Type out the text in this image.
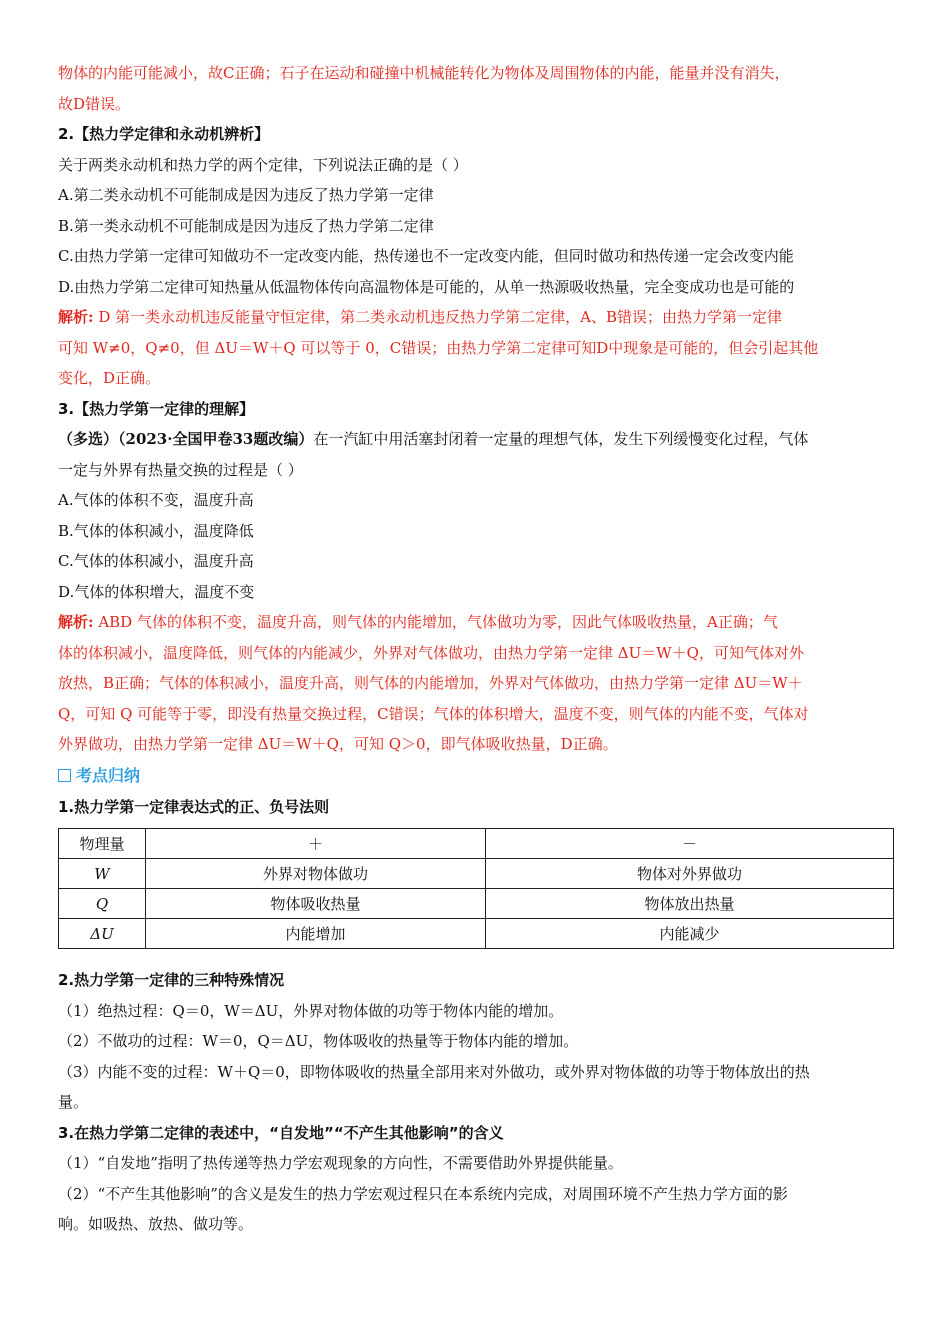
物体的内能可能减小，故C正确；石子在运动和碰撞中机械能转化为物体及周围物体的内能，能量并没有消失，

故D错误。

2.【热力学定律和永动机辨析】

关于两类永动机和热力学的两个定律，下列说法正确的是（ ）

A.第二类永动机不可能制成是因为违反了热力学第一定律

B.第一类永动机不可能制成是因为违反了热力学第二定律

C.由热力学第一定律可知做功不一定改变内能，热传递也不一定改变内能，但同时做功和热传递一定会改变内能

D.由热力学第二定律可知热量从低温物体传向高温物体是可能的，从单一热源吸收热量，完全变成功也是可能的

解析: D 第一类永动机违反能量守恒定律，第二类永动机违反热力学第二定律，A、B错误；由热力学第一定律

可知 W≠0，Q≠0，但 ΔU＝W＋Q 可以等于 0，C错误；由热力学第二定律可知D中现象是可能的，但会引起其他

变化，D正确。

3.【热力学第一定律的理解】

（多选）（2023·全国甲卷33题改编）在一汽缸中用活塞封闭着一定量的理想气体，发生下列缓慢变化过程，气体

一定与外界有热量交换的过程是（ ）

A.气体的体积不变，温度升高

B.气体的体积减小，温度降低

C.气体的体积减小，温度升高

D.气体的体积增大，温度不变

解析: ABD 气体的体积不变，温度升高，则气体的内能增加，气体做功为零，因此气体吸收热量，A正确；气

体的体积减小，温度降低，则气体的内能减少，外界对气体做功，由热力学第一定律 ΔU＝W＋Q，可知气体对外

放热，B正确；气体的体积减小，温度升高，则气体的内能增加，外界对气体做功，由热力学第一定律 ΔU＝W＋

Q，可知 Q 可能等于零，即没有热量交换过程，C错误；气体的体积增大，温度不变，则气体的内能不变，气体对

外界做功，由热力学第一定律 ΔU＝W＋Q，可知 Q＞0，即气体吸收热量，D正确。

考点归纳

1.热力学第一定律表达式的正、负号法则

物理量	＋	－
W	外界对物体做功	物体对外界做功
Q	物体吸收热量	物体放出热量
ΔU	内能增加	内能减少

2.热力学第一定律的三种特殊情况

（1）绝热过程：Q＝0，W＝ΔU，外界对物体做的功等于物体内能的增加。

（2）不做功的过程：W＝0，Q＝ΔU，物体吸收的热量等于物体内能的增加。

（3）内能不变的过程：W＋Q＝0，即物体吸收的热量全部用来对外做功，或外界对物体做的功等于物体放出的热

量。

3.在热力学第二定律的表述中，“自发地”“不产生其他影响”的含义

（1）“自发地”指明了热传递等热力学宏观现象的方向性，不需要借助外界提供能量。

（2）“不产生其他影响”的含义是发生的热力学宏观过程只在本系统内完成，对周围环境不产生热力学方面的影

响。如吸热、放热、做功等。
